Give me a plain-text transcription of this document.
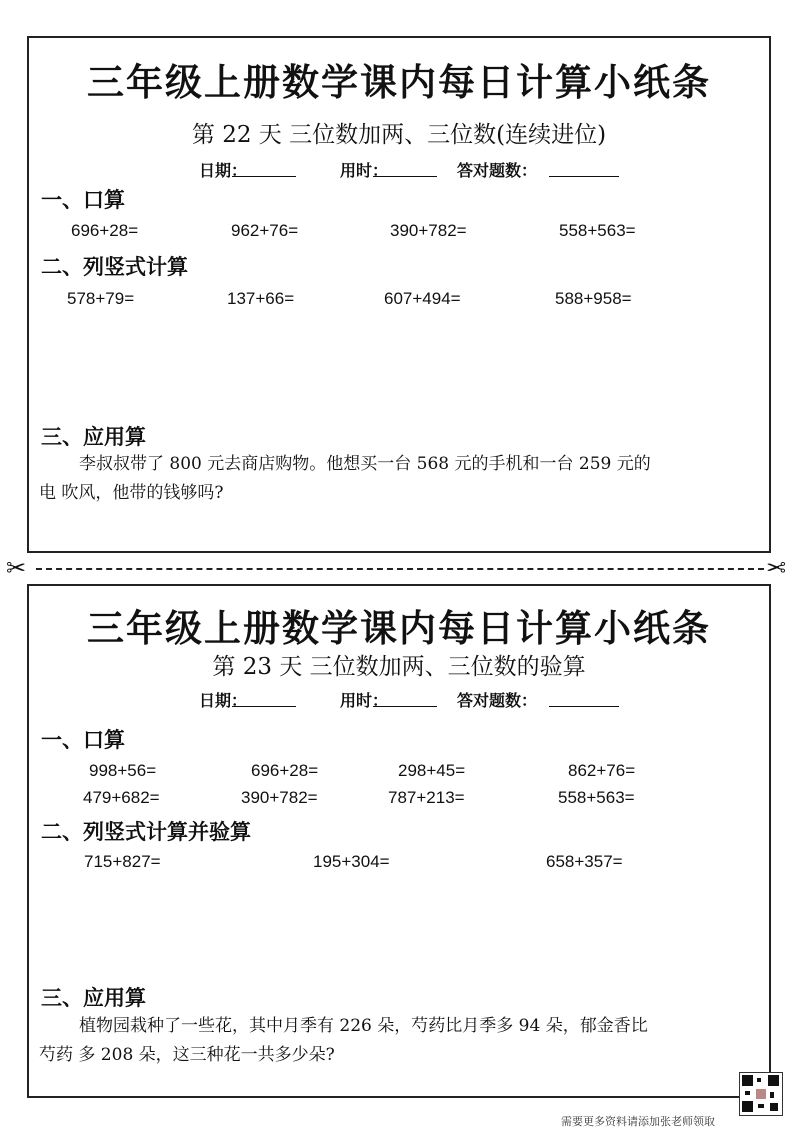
三年级上册数学课内每日计算小纸条
第 22 天 三位数加两、三位数(连续进位)
日期：	用时：	答对题数：
一、口算
696+28=	962+76=	390+782=	558+563=
二、列竖式计算
578+79=	137+66=	607+494=	588+958=
三、应用算
李叔叔带了 800 元去商店购物。他想买一台 568 元的手机和一台 259 元的
电 吹风，他带的钱够吗?
✂	✂
三年级上册数学课内每日计算小纸条
第 23 天 三位数加两、三位数的验算
日期：	用时：	答对题数：
一、口算
998+56=	696+28=	298+45=	862+76=
479+682=	390+782=	787+213=	558+563=
二、列竖式计算并验算
715+827=	195+304=	658+357=
三、应用算
植物园栽种了一些花，其中月季有 226 朵，芍药比月季多 94 朵，郁金香比
芍药 多 208 朵，这三种花一共多少朵?
需要更多资料请添加张老师领取
